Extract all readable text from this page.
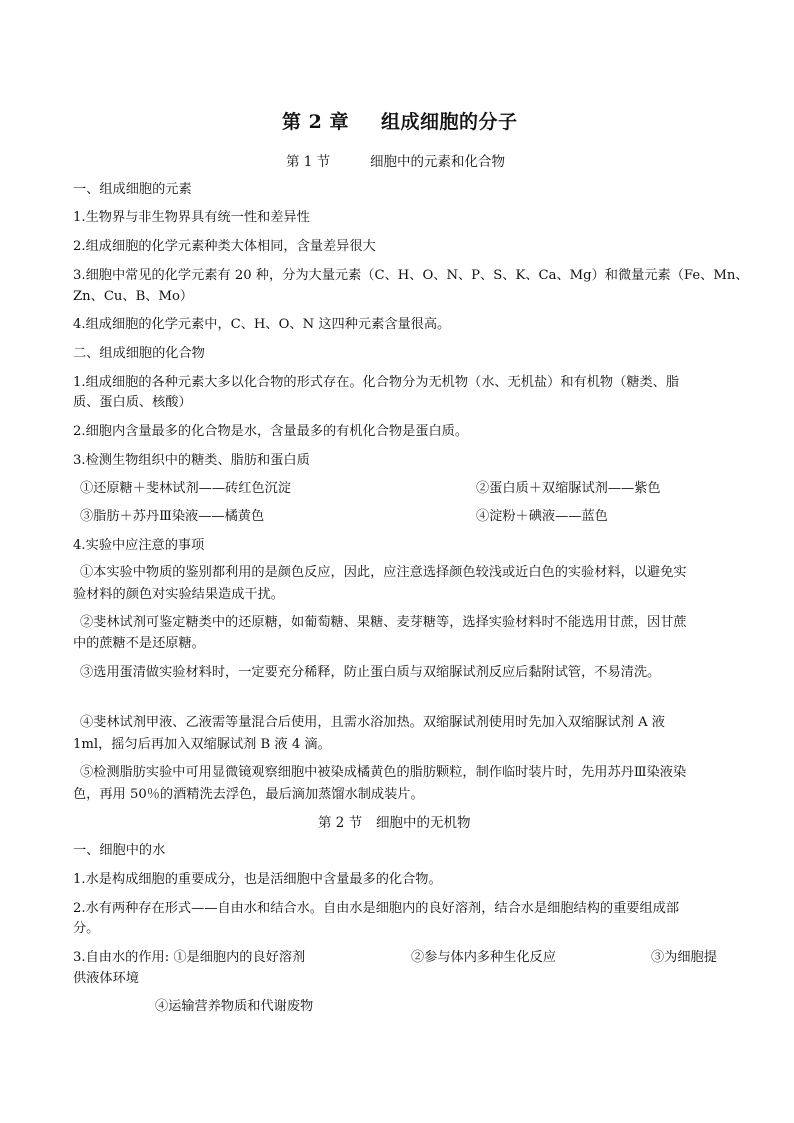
第 2 章 组成细胞的分子
第 1 节	细胞中的元素和化合物
一、组成细胞的元素
1.生物界与非生物界具有统一性和差异性
2.组成细胞的化学元素种类大体相同，含量差异很大
3.细胞中常见的化学元素有 20 种，分为大量元素（C、H、O、N、P、S、K、Ca、Mg）和微量元素（Fe、Mn、
Zn、Cu、B、Mo）
4.组成细胞的化学元素中，C、H、O、N 这四种元素含量很高。
二、组成细胞的化合物
1.组成细胞的各种元素大多以化合物的形式存在。化合物分为无机物（水、无机盐）和有机物（糖类、脂
质、蛋白质、核酸）
2.细胞内含量最多的化合物是水，含量最多的有机化合物是蛋白质。
3.检测生物组织中的糖类、脂肪和蛋白质
①还原糖＋斐林试剂——砖红色沉淀	②蛋白质＋双缩脲试剂——紫色
③脂肪＋苏丹Ⅲ染液——橘黄色	④淀粉＋碘液——蓝色
4.实验中应注意的事项
①本实验中物质的鉴别都利用的是颜色反应，因此，应注意选择颜色较浅或近白色的实验材料，以避免实
验材料的颜色对实验结果造成干扰。
②斐林试剂可鉴定糖类中的还原糖，如葡萄糖、果糖、麦芽糖等，选择实验材料时不能选用甘蔗，因甘蔗
中的蔗糖不是还原糖。
③选用蛋清做实验材料时，一定要充分稀释，防止蛋白质与双缩脲试剂反应后黏附试管，不易清洗。
④斐林试剂甲液、乙液需等量混合后使用，且需水浴加热。双缩脲试剂使用时先加入双缩脲试剂 A 液
1ml，摇匀后再加入双缩脲试剂 B 液 4 滴。
⑤检测脂肪实验中可用显微镜观察细胞中被染成橘黄色的脂肪颗粒，制作临时装片时，先用苏丹Ⅲ染液染
色，再用 50％的酒精洗去浮色，最后滴加蒸馏水制成装片。
第 2 节 细胞中的无机物
一、细胞中的水
1.水是构成细胞的重要成分，也是活细胞中含量最多的化合物。
2.水有两种存在形式——自由水和结合水。自由水是细胞内的良好溶剂，结合水是细胞结构的重要组成部
分。
3.自由水的作用: ①是细胞内的良好溶剂	②参与体内多种生化反应	③为细胞提
供液体环境
④运输营养物质和代谢废物
